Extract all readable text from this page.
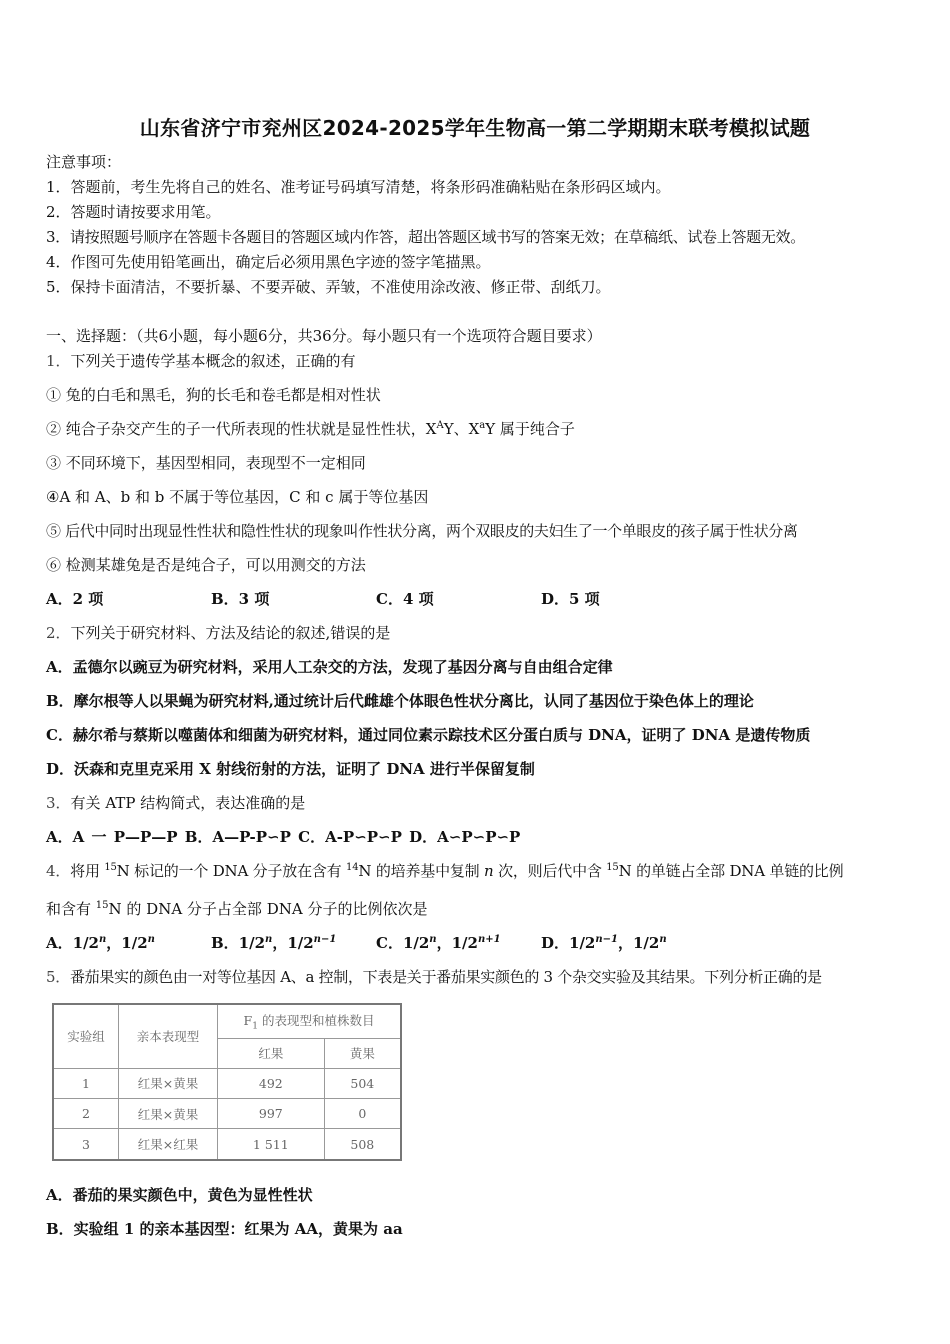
山东省济宁市兖州区2024-2025学年生物高一第二学期期末联考模拟试题
注意事项：
1．答题前，考生先将自己的姓名、准考证号码填写清楚，将条形码准确粘贴在条形码区域内。
2．答题时请按要求用笔。
3．请按照题号顺序在答题卡各题目的答题区域内作答，超出答题区域书写的答案无效；在草稿纸、试卷上答题无效。
4．作图可先使用铅笔画出，确定后必须用黑色字迹的签字笔描黑。
5．保持卡面清洁，不要折暴、不要弄破、弄皱，不准使用涂改液、修正带、刮纸刀。
一、选择题：（共6小题，每小题6分，共36分。每小题只有一个选项符合题目要求）
1．下列关于遗传学基本概念的叙述，正确的有
① 兔的白毛和黑毛，狗的长毛和卷毛都是相对性状
② 纯合子杂交产生的子一代所表现的性状就是显性性状，$X^AY$、$X^aY$ 属于纯合子
③ 不同环境下，基因型相同，表现型不一定相同
④A 和 A、b 和 b 不属于等位基因，C 和 c 属于等位基因
⑤ 后代中同时出现显性性状和隐性性状的现象叫作性状分离，两个双眼皮的夫妇生了一个单眼皮的孩子属于性状分离
⑥ 检测某雄兔是否是纯合子，可以用测交的方法
A．2 项	B．3 项	C．4 项	D．5 项
2．下列关于研究材料、方法及结论的叙述,错误的是
A．孟德尔以豌豆为研究材料，采用人工杂交的方法，发现了基因分离与自由组合定律
B．摩尔根等人以果蝇为研究材料,通过统计后代雌雄个体眼色性状分离比，认同了基因位于染色体上的理论
C．赫尔希与蔡斯以噬菌体和细菌为研究材料，通过同位素示踪技术区分蛋白质与 DNA，证明了 DNA 是遗传物质
D．沃森和克里克采用 X 射线衍射的方法，证明了 DNA 进行半保留复制
3．有关 ATP 结构简式，表达准确的是
A．A 一 P—P—P B．A—P-P∽P C．A-P∽P∽P D．A∽P∽P∽P
4．将用 $^{15}$N 标记的一个 DNA 分子放在含有 $^{14}$N 的培养基中复制 n 次，则后代中含 $^{15}$N 的单链占全部 DNA 单链的比例
和含有 $^{15}$N 的 DNA 分子占全部 DNA 分子的比例依次是
A．1/2$^n$，1/2$^n$	B．1/2$^n$，$1/2^{n-1}$	C．1/2$^n$，$1/2^{n+1}$	D．$1/2^{n-1}$，1/2$^n$
5．番茄果实的颜色由一对等位基因 A、a 控制，下表是关于番茄果实颜色的 3 个杂交实验及其结果。下列分析正确的是
实验组	亲本表现型	$F_1$ 的表现型和植株数目	
		红果	黄果
1	红果×黄果	492	504
2	红果×黄果	997	0
3	红果×红果	1 511	508
A．番茄的果实颜色中，黄色为显性性状
B．实验组 1 的亲本基因型：红果为 AA，黄果为 aa
